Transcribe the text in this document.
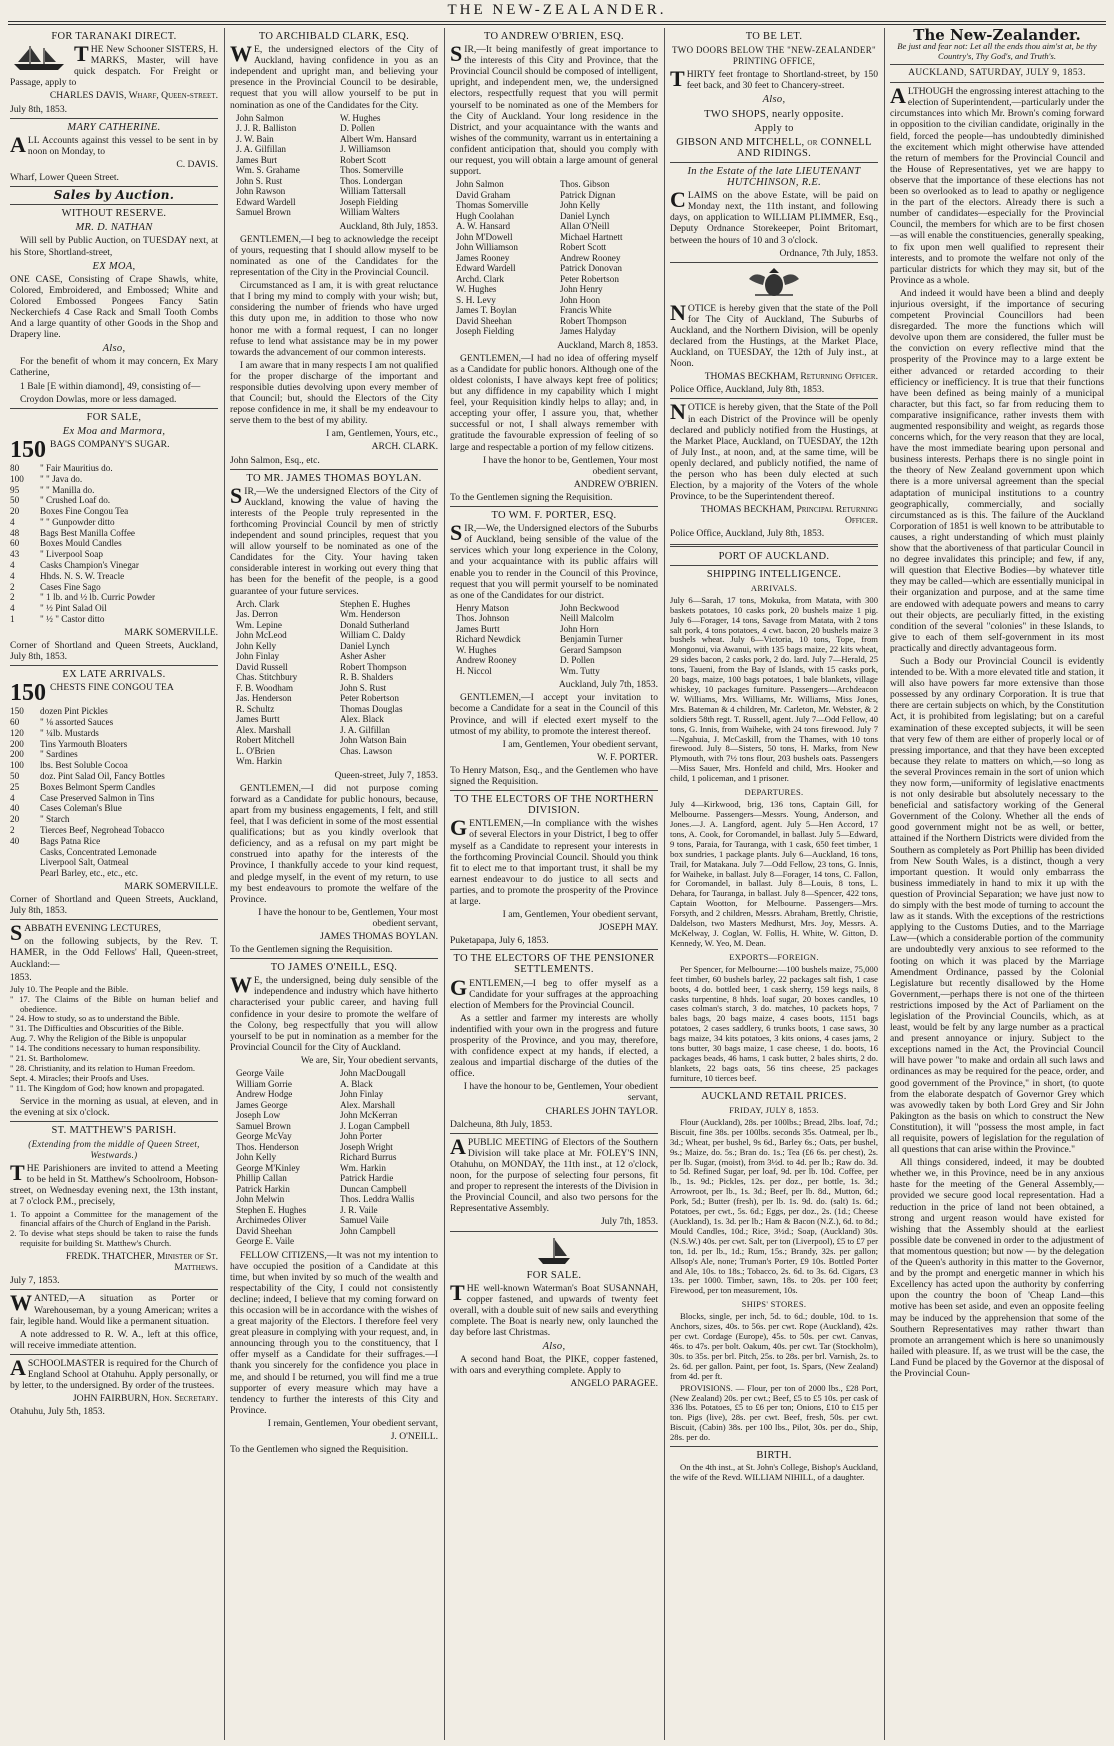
THE NEW-ZEALANDER.
FOR TARANAKI DIRECT.

THE New Schooner SISTERS, H. MARKS, Master, will have quick despatch. For Freight or Passage, apply to

CHARLES DAVIS, Wharf, Queen-street.

July 8th, 1853.

MARY CATHERINE.

ALL Accounts against this vessel to be sent in by noon on Monday, to

C. DAVIS.

Wharf, Lower Queen Street.

Sales by Auction.
WITHOUT RESERVE.
MR. D. NATHAN

Will sell by Public Auction, on TUESDAY next, at his Store, Shortland-street,

EX MOA,

ONE CASE, Consisting of Crape Shawls, white, Colored, Embroidered, and Embossed; White and Colored Embossed Pongees Fancy Satin Neckerchiefs 4 Case Rack and Small Tooth Combs And a large quantity of other Goods in the Shop and Drapery line.

Also,

For the benefit of whom it may concern, Ex Mary Catherine,

1 Bale [E within diamond], 49, consisting of—

Croydon Dowlas, more or less damaged.

FOR SALE,
Ex Moa and Marmora,
150 BAGS COMPANY'S SUGAR.
80	" Fair Mauritius do.
100	" " Java do.
95	" " Manilla do.
50	" Crushed Loaf do.
20	Boxes Fine Congou Tea
4	" " Gunpowder ditto
48	Bags Best Manilla Coffee
60	Boxes Mould Candles
43	" Liverpool Soap
4	Casks Champion's Vinegar
4	Hhds. N. S. W. Treacle
2	Cases Fine Sago
2	" 1 lb. and ½ lb. Curric Powder
4	" ½ Pint Salad Oil
1	" ½ " Castor ditto

MARK SOMERVILLE.

Corner of Shortland and Queen Streets, Auckland, July 8th, 1853.

EX LATE ARRIVALS.
150 CHESTS FINE CONGOU TEA
150	dozen Pint Pickles
60	" ⅛ assorted Sauces
120	" ¼lb. Mustards
200	Tins Yarmouth Bloaters
200	" Sardines
100	lbs. Best Soluble Cocoa
50	doz. Pint Salad Oil, Fancy Bottles
25	Boxes Belmont Sperm Candles
4	Case Preserved Salmon in Tins
40	Cases Coleman's Blue
20	" Starch
2	Tierces Beef, Negrohead Tobacco
40	Bags Patna Rice
Casks, Concentrated Lemonade
Liverpool Salt, Oatmeal
Pearl Barley, etc., etc., etc.

MARK SOMERVILLE.

Corner of Shortland and Queen Streets, Auckland, July 8th, 1853.

SABBATH EVENING LECTURES,

on the following subjects, by the Rev. T. HAMER, in the Odd Fellows' Hall, Queen-street, Auckland:—

1853.

July 10. The People and the Bible.
" 17. The Claims of the Bible on human belief and obedience.
" 24. How to study, so as to understand the Bible.
" 31. The Difficulties and Obscurities of the Bible.
Aug. 7. Why the Religion of the Bible is unpopular
" 14. The conditions necessary to human responsibility.
" 21. St. Bartholomew.
" 28. Christianity, and its relation to Human Freedom.
Sept. 4. Miracles; their Proofs and Uses.
" 11. The Kingdom of God; how known and propagated.

Service in the morning as usual, at eleven, and in the evening at six o'clock.

ST. MATTHEW'S PARISH.
(Extending from the middle of Queen Street, Westwards.)

THE Parishioners are invited to attend a Meeting to be held in St. Matthew's Schoolroom, Hobson-street, on Wednesday evening next, the 13th instant, at 7 o'clock P.M., precisely,

1. To appoint a Committee for the management of the financial affairs of the Church of England in the Parish.
2. To devise what steps should be taken to raise the funds requisite for building St. Matthew's Church.

FREDK. THATCHER, Minister of St. Matthews.

July 7, 1853.

WANTED,—A situation as Porter or Warehouseman, by a young American; writes a fair, legible hand. Would like a permanent situation.

A note addressed to R. W. A., left at this office, will receive immediate attention.

ASCHOOLMASTER is required for the Church of England School at Otahuhu. Apply personally, or by letter, to the undersigned. By order of the trustees.

JOHN FAIRBURN, Hon. Secretary.

Otahuhu, July 5th, 1853.

TO ARCHIBALD CLARK, ESQ.

WE, the undersigned electors of the City of Auckland, having confidence in you as an independent and upright man, and believing your presence in the Provincial Council to be desirable, request that you will allow yourself to be put in nomination as one of the Candidates for the City.

John Salmon	W. Hughes
J. J. R. Balliston	D. Pollen
J. W. Bain	Albert Wm. Hansard
J. A. Gilfillan	J. Williamson
James Burt	Robert Scott
Wm. S. Grahame	Thos. Somerville
John S. Rust	Thos. Londergan
John Rawson	William Tattersall
Edward Wardell	Joseph Fielding
Samuel Brown	William Walters

Auckland, 8th July, 1853.

GENTLEMEN,—I beg to acknowledge the receipt of yours, requesting that I should allow myself to be nominated as one of the Candidates for the representation of the City in the Provincial Council.

Circumstanced as I am, it is with great reluctance that I bring my mind to comply with your wish; but, considering the number of friends who have urged this duty upon me, in addition to those who now honor me with a formal request, I can no longer refuse to lend what assistance may be in my power towards the advancement of our common interests.

I am aware that in many respects I am not qualified for the proper discharge of the important and responsible duties devolving upon every member of that Council; but, should the Electors of the City repose confidence in me, it shall be my endeavour to serve them to the best of my ability.

I am, Gentlemen, Yours, etc.,

ARCH. CLARK.

John Salmon, Esq., etc.

TO MR. JAMES THOMAS BOYLAN.

SIR,—We the undersigned Electors of the City of Auckland, knowing the value of having the interests of the People truly represented in the forthcoming Provincial Council by men of strictly independent and sound principles, request that you will allow yourself to be nominated as one of the Candidates for the City. Your having taken considerable interest in working out every thing that has been for the benefit of the people, is a good guarantee of your future services.

Arch. Clark	Stephen E. Hughes
Jas. Derron	Wm. Henderson
Wm. Lepine	Donald Sutherland
John McLeod	William C. Daldy
John Kelly	Daniel Lynch
John Finlay	Asher Asher
David Russell	Robert Thompson
Chas. Stitchbury	R. B. Shalders
F. B. Woodham	John S. Rust
Jas. Henderson	Peter Robertson
R. Schultz	Thomas Douglas
James Burtt	Alex. Black
Alex. Marshall	J. A. Gilfillan
Robert Mitchell	John Watson Bain
L. O'Brien	Chas. Lawson
Wm. Harkin

Queen-street, July 7, 1853.

GENTLEMEN,—I did not purpose coming forward as a Candidate for public honours, because, apart from my business engagements, I felt, and still feel, that I was deficient in some of the most essential qualifications; but as you kindly overlook that deficiency, and as a refusal on my part might be construed into apathy for the interests of the Province, I thankfully accede to your kind request, and pledge myself, in the event of my return, to use my best endeavours to promote the welfare of the Province.

I have the honour to be, Gentlemen, Your most obedient servant,

JAMES THOMAS BOYLAN.

To the Gentlemen signing the Requisition.

TO JAMES O'NEILL, ESQ.

WE, the undersigned, being duly sensible of the independence and industry which have hitherto characterised your public career, and having full confidence in your desire to promote the welfare of the Colony, beg respectfully that you will allow yourself to be put in nomination as a member for the Provincial Council for the City of Auckland.

We are, Sir, Your obedient servants,

George Vaile	John MacDougall
William Gorrie	A. Black
Andrew Hodge	John Finlay
James George	Alex. Marshall
Joseph Low	John McKerran
Samuel Brown	J. Logan Campbell
George McVay	John Porter
Thos. Henderson	Joseph Wright
John Kelly	Richard Burrus
George M'Kinley	Wm. Harkin
Phillip Callan	Patrick Hardie
Patrick Harkin	Duncan Campbell
John Melwin	Thos. Leddra Wallis
Stephen E. Hughes	J. R. Vaile
Archimedes Oliver	Samuel Vaile
David Sheehan	John Campbell
George E. Vaile

FELLOW CITIZENS,—It was not my intention to have occupied the position of a Candidate at this time, but when invited by so much of the wealth and respectability of the City, I could not consistently decline; indeed, I believe that my coming forward on this occasion will be in accordance with the wishes of a great majority of the Electors. I therefore feel very great pleasure in complying with your request, and, in announcing through you to the constituency, that I offer myself as a Candidate for their suffrages.—I thank you sincerely for the confidence you place in me, and should I be returned, you will find me a true supporter of every measure which may have a tendency to further the interests of this City and Province.

I remain, Gentlemen, Your obedient servant,

J. O'NEILL.

To the Gentlemen who signed the Requisition.

TO ANDREW O'BRIEN, ESQ.

SIR,—It being manifestly of great importance to the interests of this City and Province, that the Provincial Council should be composed of intelligent, upright, and independent men, we, the undersigned electors, respectfully request that you will permit yourself to be nominated as one of the Members for the City of Auckland. Your long residence in the District, and your acquaintance with the wants and wishes of the community, warrant us in entertaining a confident anticipation that, should you comply with our request, you will obtain a large amount of general support.

John Salmon	Thos. Gibson
David Graham	Patrick Dignan
Thomas Somerville	John Kelly
Hugh Coolahan	Daniel Lynch
A. W. Hansard	Allan O'Neill
John M'Dowell	Michael Hartnett
John Williamson	Robert Scott
James Rooney	Andrew Rooney
Edward Wardell	Patrick Donovan
Archd. Clark	Peter Robertson
W. Hughes	John Henry
S. H. Levy	John Hoon
James T. Boylan	Francis White
David Sheehan	Robert Thompson
Joseph Fielding	James Halyday

Auckland, March 8, 1853.

GENTLEMEN,—I had no idea of offering myself as a Candidate for public honors. Although one of the oldest colonists, I have always kept free of politics; but any diffidence in my capability which I might feel, your Requisition kindly helps to allay; and, in accepting your offer, I assure you, that, whether successful or not, I shall always remember with gratitude the favourable expression of feeling of so large and respectable a portion of my fellow citizens.

I have the honor to be, Gentlemen, Your most obedient servant,

ANDREW O'BRIEN.

To the Gentlemen signing the Requisition.

TO WM. F. PORTER, ESQ.

SIR,—We, the Undersigned electors of the Suburbs of Auckland, being sensible of the value of the services which your long experience in the Colony, and your acquaintance with its public affairs will enable you to render in the Council of this Province, request that you will permit yourself to be nominated as one of the Candidates for our district.

Henry Matson	John Beckwood
Thos. Johnson	Neill Malcolm
James Burtt	John Horn
Richard Newdick	Benjamin Turner
W. Hughes	Gerard Sampson
Andrew Rooney	D. Pollen
H. Niccol	Wm. Tutty

Auckland, July 7th, 1853.

GENTLEMEN,—I accept your invitation to become a Candidate for a seat in the Council of this Province, and will if elected exert myself to the utmost of my ability, to promote the interest thereof.

I am, Gentlemen, Your obedient servant,

W. F. PORTER.

To Henry Matson, Esq., and the Gentlemen who have signed the Requisition.

TO THE ELECTORS OF THE NORTHERN DIVISION.

GENTLEMEN,—In compliance with the wishes of several Electors in your District, I beg to offer myself as a Candidate to represent your interests in the forthcoming Provincial Council. Should you think fit to elect me to that important trust, it shall be my earnest endeavour to do justice to all sects and parties, and to promote the prosperity of the Province at large.

I am, Gentlemen, Your obedient servant,

JOSEPH MAY.

Puketapapa, July 6, 1853.

TO THE ELECTORS OF THE PENSIONER SETTLEMENTS.

GENTLEMEN,—I beg to offer myself as a Candidate for your suffrages at the approaching election of Members for the Provincial Council.

As a settler and farmer my interests are wholly indentified with your own in the progress and future prosperity of the Province, and you may, therefore, with confidence expect at my hands, if elected, a zealous and impartial discharge of the duties of the office.

I have the honour to be, Gentlemen, Your obedient servant,

CHARLES JOHN TAYLOR.

Dalcheuna, 8th July, 1853.

APUBLIC MEETING of Electors of the Southern Division will take place at Mr. FOLEY'S INN, Otahuhu, on MONDAY, the 11th inst., at 12 o'clock, noon, for the purpose of selecting four persons, fit and proper to represent the interests of the Division in the Provincial Council, and also two persons for the Representative Assembly.

July 7th, 1853.

FOR SALE.

THE well-known Waterman's Boat SUSANNAH, copper fastened, and upwards of twenty feet overall, with a double suit of new sails and everything complete. The Boat is nearly new, only launched the day before last Christmas.

Also,

A second hand Boat, the PIKE, copper fastened, with oars and everything complete. Apply to

ANGELO PARAGEE.

TO BE LET.
TWO DOORS BELOW THE "NEW-ZEALANDER" PRINTING OFFICE,

THIRTY feet frontage to Shortland-street, by 150 feet back, and 30 feet to Chancery-street.

Also,
TWO SHOPS, nearly opposite.
Apply to
GIBSON AND MITCHELL, or CONNELL AND RIDINGS.
In the Estate of the late LIEUTENANT HUTCHINSON, R.E.

CLAIMS on the above Estate, will be paid on Monday next, the 11th instant, and following days, on application to WILLIAM PLIMMER, Esq., Deputy Ordnance Storekeeper, Point Britomart, between the hours of 10 and 3 o'clock.

Ordnance, 7th July, 1853.

NOTICE is hereby given that the state of the Poll for The City of Auckland, The Suburbs of Auckland, and the Northern Division, will be openly declared from the Hustings, at the Market Place, Auckland, on TUESDAY, the 12th of July inst., at Noon.

THOMAS BECKHAM, Returning Officer.

Police Office, Auckland, July 8th, 1853.

NOTICE is hereby given, that the State of the Poll in each District of the Province will be openly declared and publicly notified from the Hustings, at the Market Place, Auckland, on TUESDAY, the 12th of July Inst., at noon, and, at the same time, will be openly declared, and publicly notified, the name of the person who has been duly elected at such Election, by a majority of the Voters of the whole Province, to be the Superintendent thereof.

THOMAS BECKHAM, Principal Returning Officer.

Police Office, Auckland, July 8th, 1853.

PORT OF AUCKLAND.
SHIPPING INTELLIGENCE.
ARRIVALS.

July 6—Sarah, 17 tons, Mokuka, from Matata, with 300 baskets potatoes, 10 casks pork, 20 bushels maize 1 pig. July 6—Forager, 14 tons, Savage from Matata, with 2 tons salt pork, 4 tons potatoes, 4 cwt. bacon, 20 bushels maize 3 bushels wheat. July 6—Victoria, 10 tons, Tope, from Mongonui, via Awanui, with 135 bags maize, 22 kits wheat, 29 sides bacon, 2 casks pork, 2 do. lard. July 7—Herald, 25 tons, Taueni, from the Bay of Islands, with 15 casks pork, 20 bags, maize, 100 bags potatoes, 1 bale blankets, village whiskey, 10 packages furniture. Passengers—Archdeacon W. Williams, Mrs. Williams, Mr. Williams, Miss Jones, Mrs. Bateman & 4 children, Mr. Carleton, Mr. Webster, & 2 soldiers 58th regt. T. Russell, agent. July 7—Odd Fellow, 40 tons, G. Innis, from Waiheke, with 24 tons firewood. July 7—Ngahuia, J. McCaskill, from the Thames, with 10 tons firewood. July 8—Sisters, 50 tons, H. Marks, from New Plymouth, with 7½ tons flour, 203 bushels oats. Passengers—Miss Sauer, Mrs. Honfeld and child, Mrs. Hooker and child, 1 policeman, and 1 prisoner.

DEPARTURES.

July 4—Kirkwood, brig, 136 tons, Captain Gill, for Melbourne. Passengers—Messrs. Young, Anderson, and Jones.—J. A. Langford, agent. July 5—Hen Accord, 17 tons, A. Cook, for Coromandel, in ballast. July 5—Edward, 9 tons, Paraia, for Tauranga, with 1 cask, 650 feet timber, 1 box sundries, 1 package plants. July 6—Auckland, 16 tons, Trail, for Matakana. July 7—Odd Fellow, 23 tons, G. Innis, for Waiheke, in ballast. July 8—Forager, 14 tons, C. Fallon, for Coromandel, in ballast. July 8—Louis, 8 tons, L. Dehara, for Tauranga, in ballast. July 8—Spencer, 422 tons, Captain Wootton, for Melbourne. Passengers—Mrs. Forsyth, and 2 children, Messrs. Abraham, Brettly, Christie, Daldelson, two Masters Medhurst, Mrs. Joy, Messrs. A. McKelway, J. Coglan, W. Follis, H. White, W. Gitton, D. Kennedy, W. Yeo, M. Dean.

EXPORTS—FOREIGN.

Per Spencer, for Melbourne:—100 bushels maize, 75,000 feet timber, 60 bushels barley, 22 packages salt fish, 1 case boots, 4 do. bottled beer, 1 cask sherry, 159 kegs nails, 8 casks turpentine, 8 hhds. loaf sugar, 20 boxes candles, 10 cases colman's starch, 3 do. matches, 10 packets hops, 7 bales bags, 20 bags maize, 4 cases boots, 1151 bags potatoes, 2 cases saddlery, 6 trunks boots, 1 case saws, 30 bags maize, 34 kits potatoes, 3 kits onions, 4 cases jams, 2 tons butter, 30 bags maize, 1 case cheese, 1 do. boots, 16 packages beads, 46 hams, 1 cask butter, 2 bales shirts, 2 do. blankets, 22 bags oats, 56 tins cheese, 25 packages furniture, 10 tierces beef.

AUCKLAND RETAIL PRICES.
FRIDAY, JULY 8, 1853.

Flour (Auckland), 28s. per 100lbs.; Bread, 2lbs. loaf, 7d.; Biscuit, fine 38s. per 100lbs. seconds 35s. Oatmeal, per lb., 3d.; Wheat, per bushel, 9s 6d., Barley 6s.; Oats, per bushel, 9s.; Maize, do. 5s.; Bran do. 1s.; Tea (£6 6s. per chest), 2s. per lb. Sugar, (moist), from 3½d. to 4d. per lb.; Raw do. 3d. to 5d. Refined Sugar, per loaf, 9d. per lb. 10d. Coffee, per lb., 1s. 9d.; Pickles, 12s. per doz., per bottle, 1s. 3d.; Arrowroot, per lb., 1s. 3d.; Beef, per lb. 8d., Mutton, 6d.; Pork, 5d.; Butter (fresh), per lb. 1s. 9d. do. (salt) 1s. 6d.; Potatoes, per cwt., 5s. 6d.; Eggs, per doz., 2s. (1d.; Cheese (Auckland), 1s. 3d. per lb.; Ham & Bacon (N.Z.), 6d. to 8d.; Mould Candles, 10d.; Rice, 3½d.; Soap, (Auckland) 30s. (N.S.W.) 40s. per cwt. Salt, per ton (Liverpool), £5 to £7 per ton, 1d. per lb., 1d.; Rum, 15s.; Brandy, 32s. per gallon; Allsop's Ale, none; Truman's Porter, £9 10s. Bottled Porter and Ale, 10s. to 18s.; Tobacco, 2s. 6d. to 3s. 6d. Cigars, £3 13s. per 1000. Timber, sawn, 18s. to 20s. per 100 feet; Firewood, per ton measurement, 10s.

SHIPS' STORES.

Blocks, single, per inch, 5d. to 6d.; double, 10d. to 1s. Anchors, sizes, 40s. to 56s. per cwt. Rope (Auckland), 42s. per cwt. Cordage (Europe), 45s. to 50s. per cwt. Canvas, 46s. to 47s. per bolt. Oakum, 40s. per cwt. Tar (Stockholm), 30s. to 35s. per brl. Pitch, 25s. to 28s. per brl. Varnish, 2s. to 2s. 6d. per gallon. Paint, per foot, 1s. Spars, (New Zealand) from 4d. per ft.

PROVISIONS. — Flour, per ton of 2000 lbs., £28 Port, (New Zealand) 20s. per cwt.; Beef, £5 to £5 10s. per cask of 336 lbs. Potatoes, £5 to £6 per ton; Onions, £10 to £15 per ton. Pigs (live), 28s. per cwt. Beef, fresh, 50s. per cwt. Biscuit, (Cabin) 38s. per 100 lbs., Pilot, 30s. per do., Ship, 28s. per do.

BIRTH.

On the 4th inst., at St. John's College, Bishop's Auckland, the wife of the Revd. WILLIAM NIHILL, of a daughter.

The New-Zealander.
Be just and fear not: Let all the ends thou aim'st at, be thy Country's, Thy God's, and Truth's.
AUCKLAND, SATURDAY, JULY 9, 1853.

ALTHOUGH the engrossing interest attaching to the election of Superintendent,—particularly under the circumstances into which Mr. Brown's coming forward in opposition to the civilian candidate, originally in the field, forced the people—has undoubtedly diminished the excitement which might otherwise have attended the return of members for the Provincial Council and the House of Representatives, yet we are happy to observe that the importance of these elections has not been so overlooked as to lead to apathy or negligence in the part of the electors. Already there is such a number of candidates—especially for the Provincial Council, the members for which are to be first chosen—as will enable the constituencies, generally speaking, to fix upon men well qualified to represent their interests, and to promote the welfare not only of the particular districts for which they may sit, but of the Province as a whole.

And indeed it would have been a blind and deeply injurious oversight, if the importance of securing competent Provincial Councillors had been disregarded. The more the functions which will devolve upon them are considered, the fuller must be the conviction on every reflective mind that the prosperity of the Province may to a large extent be either advanced or retarded according to their efficiency or inefficiency. It is true that their functions have been defined as being mainly of a municipal character, but this fact, so far from reducing them to comparative insignificance, rather invests them with augmented responsibility and weight, as regards those concerns which, for the very reason that they are local, have the most immediate bearing upon personal and business interests. Perhaps there is no single point in the theory of New Zealand government upon which there is a more universal agreement than the special adaptation of municipal institutions to a country geographically, commercially, and socially circumstanced as is this. The failure of the Auckland Corporation of 1851 is well known to be attributable to causes, a right understanding of which must plainly show that the abortiveness of that particular Council in no degree invalidates this principle; and few, if any, will question that Elective Bodies—by whatever title they may be called—which are essentially municipal in their organization and purpose, and at the same time are endowed with adequate powers and means to carry out their objects, are peculiarly fitted, in the existing condition of the several "colonies" in these Islands, to give to each of them self-government in its most practically and directly advantageous form.

Such a Body our Provincial Council is evidently intended to be. With a more elevated title and station, it will also have powers far more extensive than those possessed by any ordinary Corporation. It is true that there are certain subjects on which, by the Constitution Act, it is prohibited from legislating; but on a careful examination of these excepted subjects, it will be seen that very few of them are either of properly local or of pressing importance, and that they have been excepted because they relate to matters on which,—so long as the several Provinces remain in the sort of union which they now form,—uniformity of legislative enactments is not only desirable but absolutely necessary to the beneficial and satisfactory working of the General Government of the Colony. Whether all the ends of good government might not be as well, or better, attained if the Northern Districts were divided from the Southern as completely as Port Phillip has been divided from New South Wales, is a distinct, though a very important question. It would only embarrass the business immediately in hand to mix it up with the question of Provincial Separation; we have just now to do simply with the best mode of turning to account the law as it stands. With the exceptions of the restrictions applying to the Customs Duties, and to the Marriage Law—(which a considerable portion of the community are undoubtedly very anxious to see reformed to the footing on which it was placed by the Marriage Amendment Ordinance, passed by the Colonial Legislature but recently disallowed by the Home Government,—perhaps there is not one of the thirteen restrictions imposed by the Act of Parliament on the legislation of the Provincial Councils, which, as at least, would be felt by any large number as a practical and present annoyance or injury. Subject to the exceptions named in the Act, the Provincial Council will have power "to make and ordain all such laws and ordinances as may be required for the peace, order, and good government of the Province," in short, (to quote from the elaborate despatch of Governor Grey which was avowedly taken by both Lord Grey and Sir John Pakington as the basis on which to construct the New Constitution), it will "possess the most ample, in fact all requisite, powers of legislation for the regulation of all questions that can arise within the Province."

All things considered, indeed, it may be doubted whether we, in this Province, need be in any anxious haste for the meeting of the General Assembly,—provided we secure good local representation. Had a reduction in the price of land not been obtained, a strong and urgent reason would have existed for wishing that the Assembly should at the earliest possible date be convened in order to the adjustment of that momentous question; but now — by the delegation of the Queen's authority in this matter to the Governor, and by the prompt and energetic manner in which his Excellency has acted upon the authority by conferring upon the country the boon of 'Cheap Land—this motive has been set aside, and even an opposite feeling may be induced by the apprehension that some of the Southern Representatives may rather thwart than promote an arrangement which is here so unanimously hailed with pleasure. If, as we trust will be the case, the Land Fund be placed by the Governor at the disposal of the Provincial Coun-
